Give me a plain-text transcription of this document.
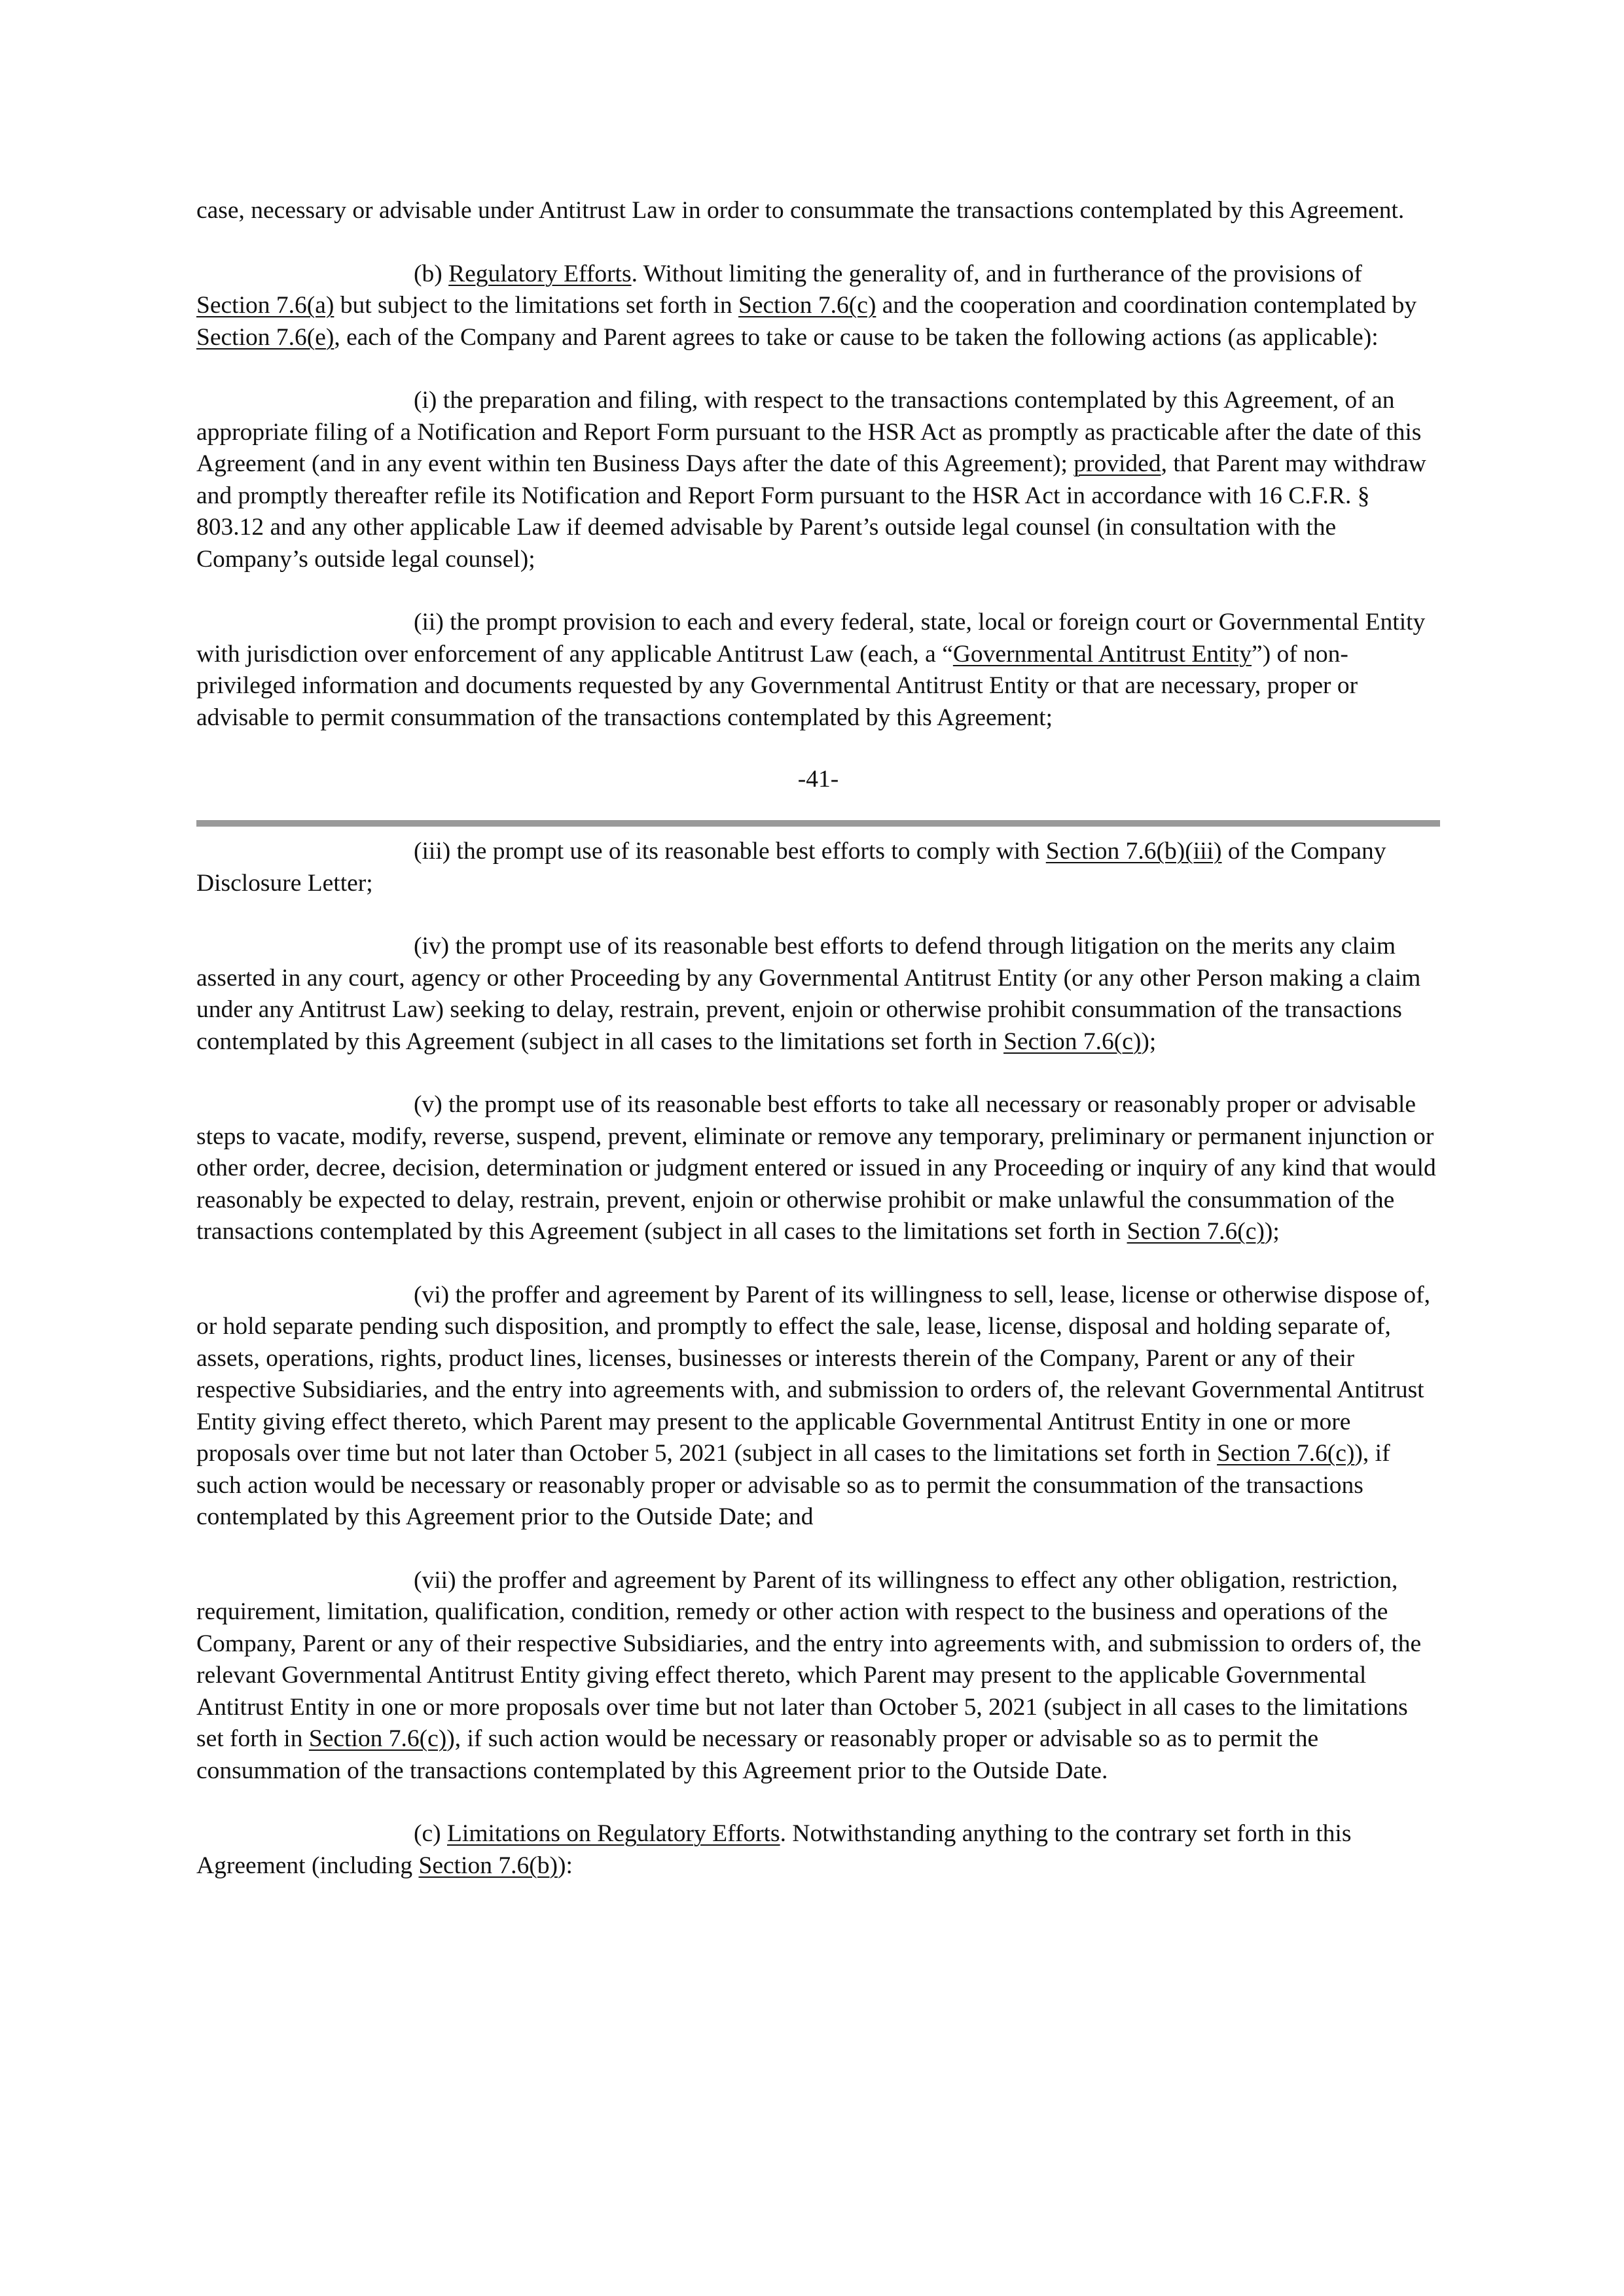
case, necessary or advisable under Antitrust Law in order to consummate the transactions contemplated by this Agreement.

(b) Regulatory Efforts. Without limiting the generality of, and in furtherance of the provisions of Section 7.6(a) but subject to the limitations set forth in Section 7.6(c) and the cooperation and coordination contemplated by Section 7.6(e), each of the Company and Parent agrees to take or cause to be taken the following actions (as applicable):

(i) the preparation and filing, with respect to the transactions contemplated by this Agreement, of an appropriate filing of a Notification and Report Form pursuant to the HSR Act as promptly as practicable after the date of this Agreement (and in any event within ten Business Days after the date of this Agreement); provided, that Parent may withdraw and promptly thereafter refile its Notification and Report Form pursuant to the HSR Act in accordance with 16 C.F.R. § 803.12 and any other applicable Law if deemed advisable by Parent’s outside legal counsel (in consultation with the Company’s outside legal counsel);

(ii) the prompt provision to each and every federal, state, local or foreign court or Governmental Entity with jurisdiction over enforcement of any applicable Antitrust Law (each, a “Governmental Antitrust Entity”) of non-privileged information and documents requested by any Governmental Antitrust Entity or that are necessary, proper or advisable to permit consummation of the transactions contemplated by this Agreement;

-41-

(iii) the prompt use of its reasonable best efforts to comply with Section 7.6(b)(iii) of the Company Disclosure Letter;

(iv) the prompt use of its reasonable best efforts to defend through litigation on the merits any claim asserted in any court, agency or other Proceeding by any Governmental Antitrust Entity (or any other Person making a claim under any Antitrust Law) seeking to delay, restrain, prevent, enjoin or otherwise prohibit consummation of the transactions contemplated by this Agreement (subject in all cases to the limitations set forth in Section 7.6(c));

(v) the prompt use of its reasonable best efforts to take all necessary or reasonably proper or advisable steps to vacate, modify, reverse, suspend, prevent, eliminate or remove any temporary, preliminary or permanent injunction or other order, decree, decision, determination or judgment entered or issued in any Proceeding or inquiry of any kind that would reasonably be expected to delay, restrain, prevent, enjoin or otherwise prohibit or make unlawful the consummation of the transactions contemplated by this Agreement (subject in all cases to the limitations set forth in Section 7.6(c));

(vi) the proffer and agreement by Parent of its willingness to sell, lease, license or otherwise dispose of, or hold separate pending such disposition, and promptly to effect the sale, lease, license, disposal and holding separate of, assets, operations, rights, product lines, licenses, businesses or interests therein of the Company, Parent or any of their respective Subsidiaries, and the entry into agreements with, and submission to orders of, the relevant Governmental Antitrust Entity giving effect thereto, which Parent may present to the applicable Governmental Antitrust Entity in one or more proposals over time but not later than October 5, 2021 (subject in all cases to the limitations set forth in Section 7.6(c)), if such action would be necessary or reasonably proper or advisable so as to permit the consummation of the transactions contemplated by this Agreement prior to the Outside Date; and

(vii) the proffer and agreement by Parent of its willingness to effect any other obligation, restriction, requirement, limitation, qualification, condition, remedy or other action with respect to the business and operations of the Company, Parent or any of their respective Subsidiaries, and the entry into agreements with, and submission to orders of, the relevant Governmental Antitrust Entity giving effect thereto, which Parent may present to the applicable Governmental Antitrust Entity in one or more proposals over time but not later than October 5, 2021 (subject in all cases to the limitations set forth in Section 7.6(c)), if such action would be necessary or reasonably proper or advisable so as to permit the consummation of the transactions contemplated by this Agreement prior to the Outside Date.

(c) Limitations on Regulatory Efforts. Notwithstanding anything to the contrary set forth in this Agreement (including Section 7.6(b)):
